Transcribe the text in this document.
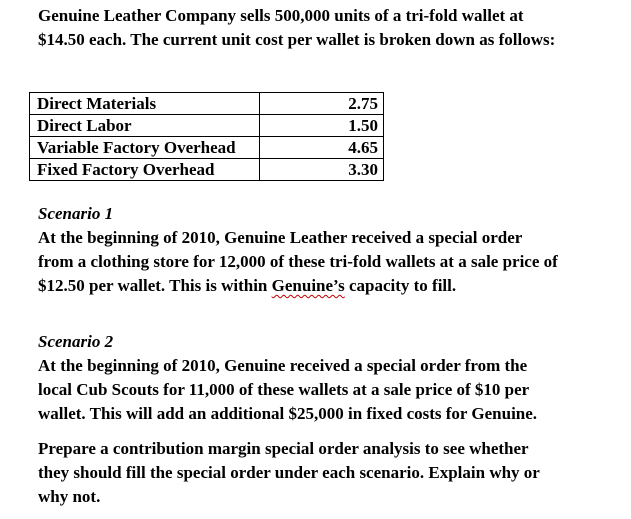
Genuine Leather Company sells 500,000 units of a tri-fold wallet at
$14.50 each. The current unit cost per wallet is broken down as follows:

Direct Materials	2.75
Direct Labor	1.50
Variable Factory Overhead	4.65
Fixed Factory Overhead	3.30
Scenario 1
At the beginning of 2010, Genuine Leather received a special order
from a clothing store for 12,000 of these tri-fold wallets at a sale price of
$12.50 per wallet. This is within Genuine’s capacity to fill.
Scenario 2
At the beginning of 2010, Genuine received a special order from the
local Cub Scouts for 11,000 of these wallets at a sale price of $10 per
wallet. This will add an additional $25,000 in fixed costs for Genuine.

Prepare a contribution margin special order analysis to see whether
they should fill the special order under each scenario. Explain why or
why not.
